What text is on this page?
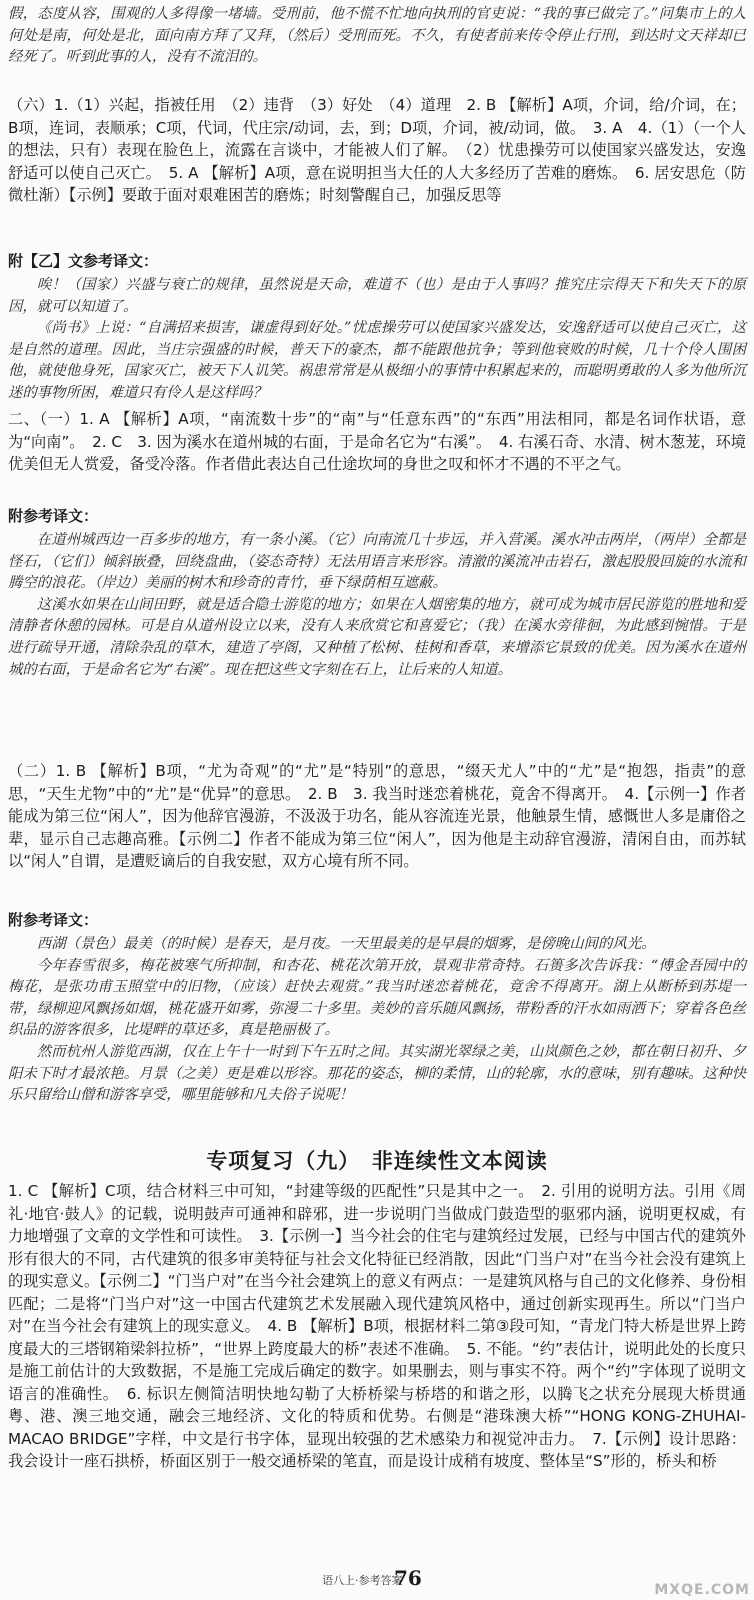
假，态度从容，围观的人多得像一堵墙。受刑前，他不慌不忙地向执刑的官吏说：“我的事已做完了。”问集市上的人何处是南，何处是北，面向南方拜了又拜，（然后）受刑而死。不久，有使者前来传令停止行刑，到达时文天祥却已经死了。听到此事的人，没有不流泪的。

（六）1.（1）兴起，指被任用　（2）违背　（3）好处　（4）道理　2. B 【解析】A项，介词，给/介词，在；B项，连词，表顺承；C项，代词，代庄宗/动词，去，到；D项，介词，被/动词，做。　3. A　4.（1）（一个人的想法，只有）表现在脸色上，流露在言谈中，才能被人们了解。　（2）忧患操劳可以使国家兴盛发达，安逸舒适可以使自己灭亡。　5. A 【解析】A项，意在说明担当大任的人大多经历了苦难的磨炼。　6. 居安思危（防微杜渐）【示例】要敢于面对艰难困苦的磨炼；时刻警醒自己，加强反思等

附【乙】文参考译文：

唉！（国家）兴盛与衰亡的规律，虽然说是天命，难道不（也）是由于人事吗？推究庄宗得天下和失天下的原因，就可以知道了。

《尚书》上说：“自满招来损害，谦虚得到好处。”忧虑操劳可以使国家兴盛发达，安逸舒适可以使自己灭亡，这是自然的道理。因此，当庄宗强盛的时候，普天下的豪杰，都不能跟他抗争；等到他衰败的时候，几十个伶人围困他，就使他身死，国家灭亡，被天下人讥笑。祸患常常是从极细小的事情中积累起来的，而聪明勇敢的人多为他所沉迷的事物所困，难道只有伶人是这样吗？

二、（一）1. A 【解析】A项，“南流数十步”的“南”与“任意东西”的“东西”用法相同，都是名词作状语，意为“向南”。　2. C　3. 因为溪水在道州城的右面，于是命名它为“右溪”。　4. 右溪石奇、水清、树木葱茏，环境优美但无人赏爱，备受冷落。作者借此表达自己仕途坎坷的身世之叹和怀才不遇的不平之气。

附参考译文：

在道州城西边一百多步的地方，有一条小溪。（它）向南流几十步远，并入营溪。溪水冲击两岸，（两岸）全都是怪石，（它们）倾斜嵌叠，回绕盘曲，（姿态奇特）无法用语言来形容。清澈的溪流冲击岩石，激起股股回旋的水流和腾空的浪花。（岸边）美丽的树木和珍奇的青竹，垂下绿荫相互遮蔽。

这溪水如果在山间田野，就是适合隐士游览的地方；如果在人烟密集的地方，就可成为城市居民游览的胜地和爱清静者休憩的园林。可是自从道州设立以来，没有人来欣赏它和喜爱它；（我）在溪水旁徘徊，为此感到惋惜。于是进行疏导开通，清除杂乱的草木，建造了亭阁，又种植了松树、桂树和香草，来增添它景致的优美。因为溪水在道州城的右面，于是命名它为“右溪”。现在把这些文字刻在石上，让后来的人知道。

（二）1. B 【解析】B项，“尤为奇观”的“尤”是“特别”的意思，“缀天尤人”中的“尤”是“抱怨，指责”的意思，“天生尤物”中的“尤”是“优异”的意思。　2. B　3. 我当时迷恋着桃花，竟舍不得离开。　4.【示例一】作者能成为第三位“闲人”，因为他辞官漫游，不汲汲于功名，能从容流连光景，他触景生情，感慨世人多是庸俗之辈，显示自己志趣高雅。【示例二】作者不能成为第三位“闲人”，因为他是主动辞官漫游，清闲自由，而苏轼以“闲人”自谓，是遭贬谪后的自我安慰，双方心境有所不同。

附参考译文：

西湖（景色）最美（的时候）是春天，是月夜。一天里最美的是早晨的烟雾，是傍晚山间的风光。

今年春雪很多，梅花被寒气所抑制，和杏花、桃花次第开放，景观非常奇特。石篑多次告诉我：“傅金吾园中的梅花，是张功甫玉照堂中的旧物，（应该）赶快去观赏。”我当时迷恋着桃花，竟舍不得离开。湖上从断桥到苏堤一带，绿柳迎风飘扬如烟，桃花盛开如雾，弥漫二十多里。美妙的音乐随风飘扬，带粉香的汗水如雨洒下；穿着各色丝织品的游客很多，比堤畔的草还多，真是艳丽极了。

然而杭州人游览西湖，仅在上午十一时到下午五时之间。其实湖光翠绿之美，山岚颜色之妙，都在朝日初升、夕阳未下时才最浓艳。月景（之美）更是难以形容。那花的姿态，柳的柔情，山的轮廓，水的意味，别有趣味。这种快乐只留给山僧和游客享受，哪里能够和凡夫俗子说呢！

专项复习（九）　非连续性文本阅读

1. C 【解析】C项，结合材料三中可知，“封建等级的匹配性”只是其中之一。　2. 引用的说明方法。引用《周礼·地官·鼓人》的记载，说明鼓声可通神和辟邪，进一步说明门当做成门鼓造型的驱邪内涵，说明更权威，有力地增强了文章的文学性和可读性。　3.【示例一】当今社会的住宅与建筑经过发展，已经与中国古代的建筑外形有很大的不同，古代建筑的很多审美特征与社会文化特征已经消散，因此“门当户对”在当今社会没有建筑上的现实意义。【示例二】“门当户对”在当今社会建筑上的意义有两点：一是建筑风格与自己的文化修养、身份相匹配；二是将“门当户对”这一中国古代建筑艺术发展融入现代建筑风格中，通过创新实现再生。所以“门当户对”在当今社会有建筑上的现实意义。　4. B 【解析】B项，根据材料二第③段可知，“青龙门特大桥是世界上跨度最大的三塔钢箱梁斜拉桥”，“世界上跨度最大的桥”表述不准确。　5. 不能。“约”表估计，说明此处的长度只是施工前估计的大致数据，不是施工完成后确定的数字。如果删去，则与事实不符。两个“约”字体现了说明文语言的准确性。　6. 标识左侧简洁明快地勾勒了大桥桥梁与桥塔的和谐之形，以腾飞之状充分展现大桥贯通粤、港、澳三地交通，融会三地经济、文化的特质和优势。右侧是“港珠澳大桥”“HONG KONG-ZHUHAI-MACAO BRIDGE”字样，中文是行书字体，显现出较强的艺术感染力和视觉冲击力。　7.【示例】设计思路：我会设计一座石拱桥，桥面区别于一般交通桥梁的笔直，而是设计成稍有坡度、整体呈“S”形的，桥头和桥

语八上·参考答案
76	MXQE.COM
